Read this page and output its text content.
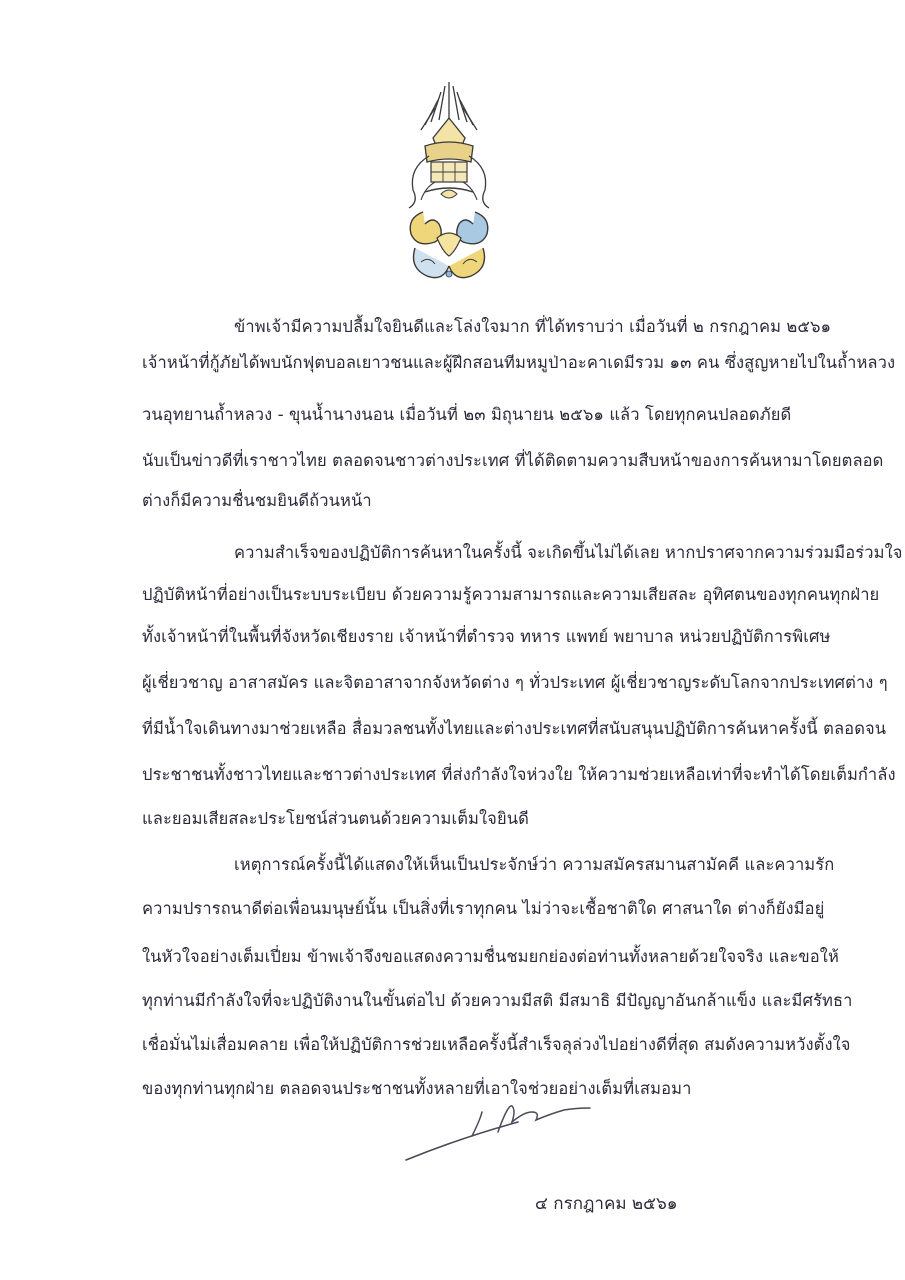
ข้าพเจ้ามีความปลื้มใจยินดีและโล่งใจมาก ที่ได้ทราบว่า เมื่อวันที่ ๒ กรกฎาคม ๒๕๖๑
เจ้าหน้าที่กู้ภัยได้พบนักฟุตบอลเยาวชนและผู้ฝึกสอนทีมหมูป่าอะคาเดมีรวม ๑๓ คน ซึ่งสูญหายไปในถ้ำหลวง
วนอุทยานถ้ำหลวง - ขุนน้ำนางนอน เมื่อวันที่ ๒๓ มิถุนายน ๒๕๖๑ แล้ว โดยทุกคนปลอดภัยดี
นับเป็นข่าวดีที่เราชาวไทย ตลอดจนชาวต่างประเทศ ที่ได้ติดตามความสืบหน้าของการค้นหามาโดยตลอด
ต่างก็มีความชื่นชมยินดีถ้วนหน้า
ความสำเร็จของปฏิบัติการค้นหาในครั้งนี้ จะเกิดขึ้นไม่ได้เลย หากปราศจากความร่วมมือร่วมใจ
ปฏิบัติหน้าที่อย่างเป็นระบบระเบียบ ด้วยความรู้ความสามารถและความเสียสละ อุทิศตนของทุกคนทุกฝ่าย
ทั้งเจ้าหน้าที่ในพื้นที่จังหวัดเชียงราย เจ้าหน้าที่ตำรวจ ทหาร แพทย์ พยาบาล หน่วยปฏิบัติการพิเศษ
ผู้เชี่ยวชาญ อาสาสมัคร และจิตอาสาจากจังหวัดต่าง ๆ ทั่วประเทศ ผู้เชี่ยวชาญระดับโลกจากประเทศต่าง ๆ
ที่มีน้ำใจเดินทางมาช่วยเหลือ สื่อมวลชนทั้งไทยและต่างประเทศที่สนับสนุนปฏิบัติการค้นหาครั้งนี้ ตลอดจน
ประชาชนทั้งชาวไทยและชาวต่างประเทศ ที่ส่งกำลังใจห่วงใย ให้ความช่วยเหลือเท่าที่จะทำได้โดยเต็มกำลัง
และยอมเสียสละประโยชน์ส่วนตนด้วยความเต็มใจยินดี
เหตุการณ์ครั้งนี้ได้แสดงให้เห็นเป็นประจักษ์ว่า ความสมัครสมานสามัคคี และความรัก
ความปรารถนาดีต่อเพื่อนมนุษย์นั้น เป็นสิ่งที่เราทุกคน ไม่ว่าจะเชื้อชาติใด ศาสนาใด ต่างก็ยังมีอยู่
ในหัวใจอย่างเต็มเปี่ยม ข้าพเจ้าจึงขอแสดงความชื่นชมยกย่องต่อท่านทั้งหลายด้วยใจจริง และขอให้
ทุกท่านมีกำลังใจที่จะปฏิบัติงานในขั้นต่อไป ด้วยความมีสติ มีสมาธิ มีปัญญาอันกล้าแข็ง และมีศรัทธา
เชื่อมั่นไม่เสื่อมคลาย เพื่อให้ปฏิบัติการช่วยเหลือครั้งนี้สำเร็จลุล่วงไปอย่างดีที่สุด สมดังความหวังตั้งใจ
ของทุกท่านทุกฝ่าย ตลอดจนประชาชนทั้งหลายที่เอาใจช่วยอย่างเต็มที่เสมอมา
๔ กรกฎาคม ๒๕๖๑
